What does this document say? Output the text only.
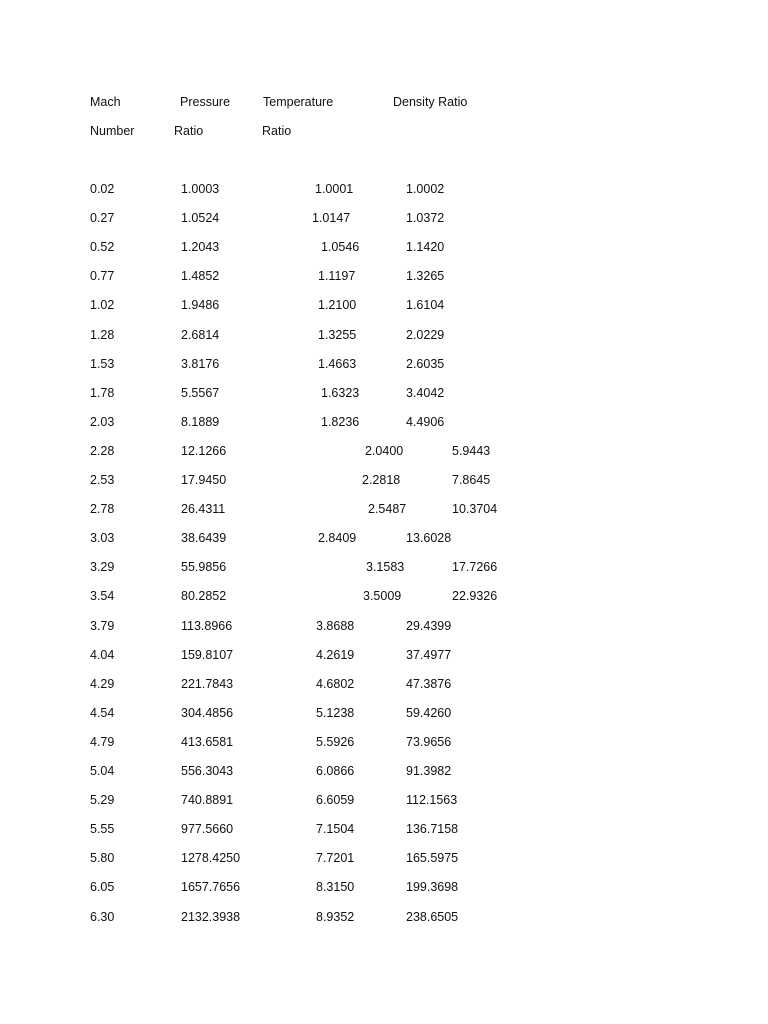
Mach	Pressure	Temperature	Density Ratio
Number	Ratio	Ratio
0.02	1.0003	1.0001	1.0002
0.27	1.0524	1.0147	1.0372
0.52	1.2043	1.0546	1.1420
0.77	1.4852	1.1197	1.3265
1.02	1.9486	1.2100	1.6104
1.28	2.6814	1.3255	2.0229
1.53	3.8176	1.4663	2.6035
1.78	5.5567	1.6323	3.4042
2.03	8.1889	1.8236	4.4906
2.28	12.1266	2.0400	5.9443
2.53	17.9450	2.2818	7.8645
2.78	26.4311	2.5487	10.3704
3.03	38.6439	2.8409	13.6028
3.29	55.9856	3.1583	17.7266
3.54	80.2852	3.5009	22.9326
3.79	113.8966	3.8688	29.4399
4.04	159.8107	4.2619	37.4977
4.29	221.7843	4.6802	47.3876
4.54	304.4856	5.1238	59.4260
4.79	413.6581	5.5926	73.9656
5.04	556.3043	6.0866	91.3982
5.29	740.8891	6.6059	112.1563
5.55	977.5660	7.1504	136.7158
5.80	1278.4250	7.7201	165.5975
6.05	1657.7656	8.3150	199.3698
6.30	2132.3938	8.9352	238.6505
